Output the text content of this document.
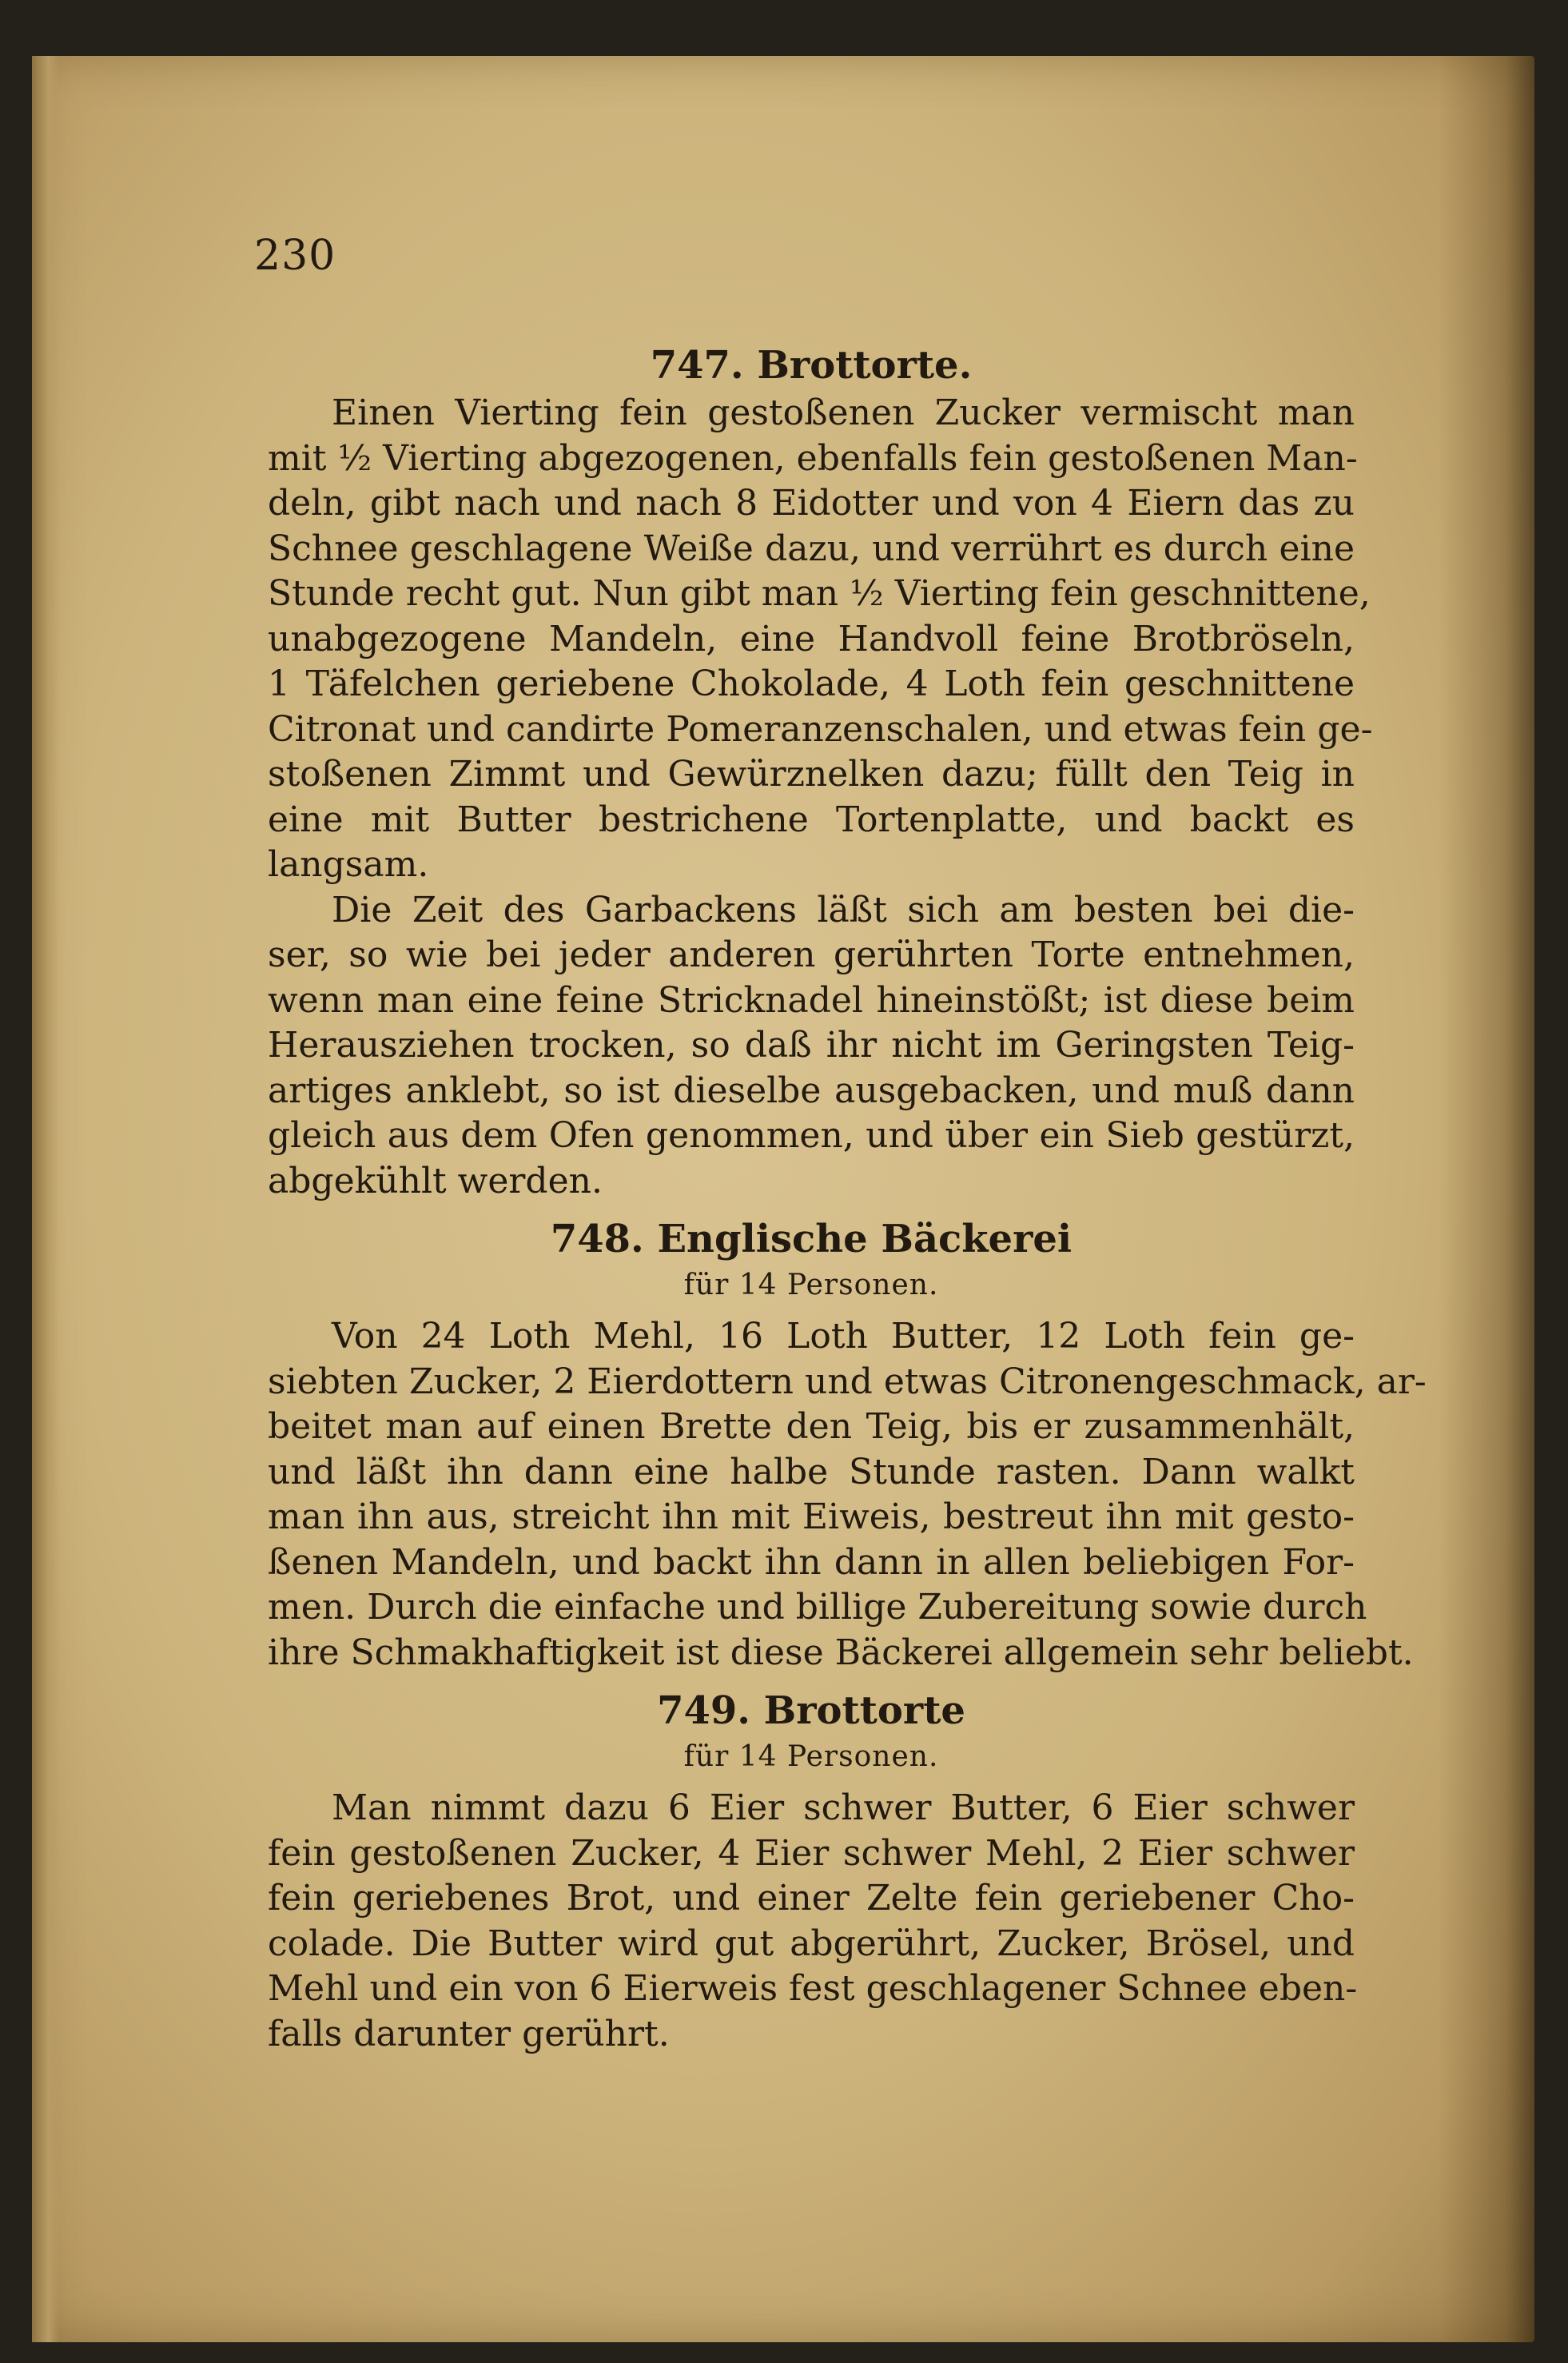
230
747. Brottorte.
Einen Vierting fein gestoßenen Zucker vermischt man
mit ½ Vierting abgezogenen, ebenfalls fein gestoßenen Man-
deln, gibt nach und nach 8 Eidotter und von 4 Eiern das zu
Schnee geschlagene Weiße dazu, und verrührt es durch eine
Stunde recht gut. Nun gibt man ½ Vierting fein geschnittene,
unabgezogene Mandeln, eine Handvoll feine Brotbröseln,
1 Täfelchen geriebene Chokolade, 4 Loth fein geschnittene
Citronat und candirte Pomeranzenschalen, und etwas fein ge-
stoßenen Zimmt und Gewürznelken dazu; füllt den Teig in
eine mit Butter bestrichene Tortenplatte, und backt es
langsam.
Die Zeit des Garbackens läßt sich am besten bei die-
ser, so wie bei jeder anderen gerührten Torte entnehmen,
wenn man eine feine Stricknadel hineinstößt; ist diese beim
Herausziehen trocken, so daß ihr nicht im Geringsten Teig-
artiges anklebt, so ist dieselbe ausgebacken, und muß dann
gleich aus dem Ofen genommen, und über ein Sieb gestürzt,
abgekühlt werden.
748. Englische Bäckerei
für 14 Personen.
Von 24 Loth Mehl, 16 Loth Butter, 12 Loth fein ge-
siebten Zucker, 2 Eierdottern und etwas Citronengeschmack, ar-
beitet man auf einen Brette den Teig, bis er zusammenhält,
und läßt ihn dann eine halbe Stunde rasten. Dann walkt
man ihn aus, streicht ihn mit Eiweis, bestreut ihn mit gesto-
ßenen Mandeln, und backt ihn dann in allen beliebigen For-
men. Durch die einfache und billige Zubereitung sowie durch
ihre Schmakhaftigkeit ist diese Bäckerei allgemein sehr beliebt.
749. Brottorte
für 14 Personen.
Man nimmt dazu 6 Eier schwer Butter, 6 Eier schwer
fein gestoßenen Zucker, 4 Eier schwer Mehl, 2 Eier schwer
fein geriebenes Brot, und einer Zelte fein geriebener Cho-
colade. Die Butter wird gut abgerührt, Zucker, Brösel, und
Mehl und ein von 6 Eierweis fest geschlagener Schnee eben-
falls darunter gerührt.
